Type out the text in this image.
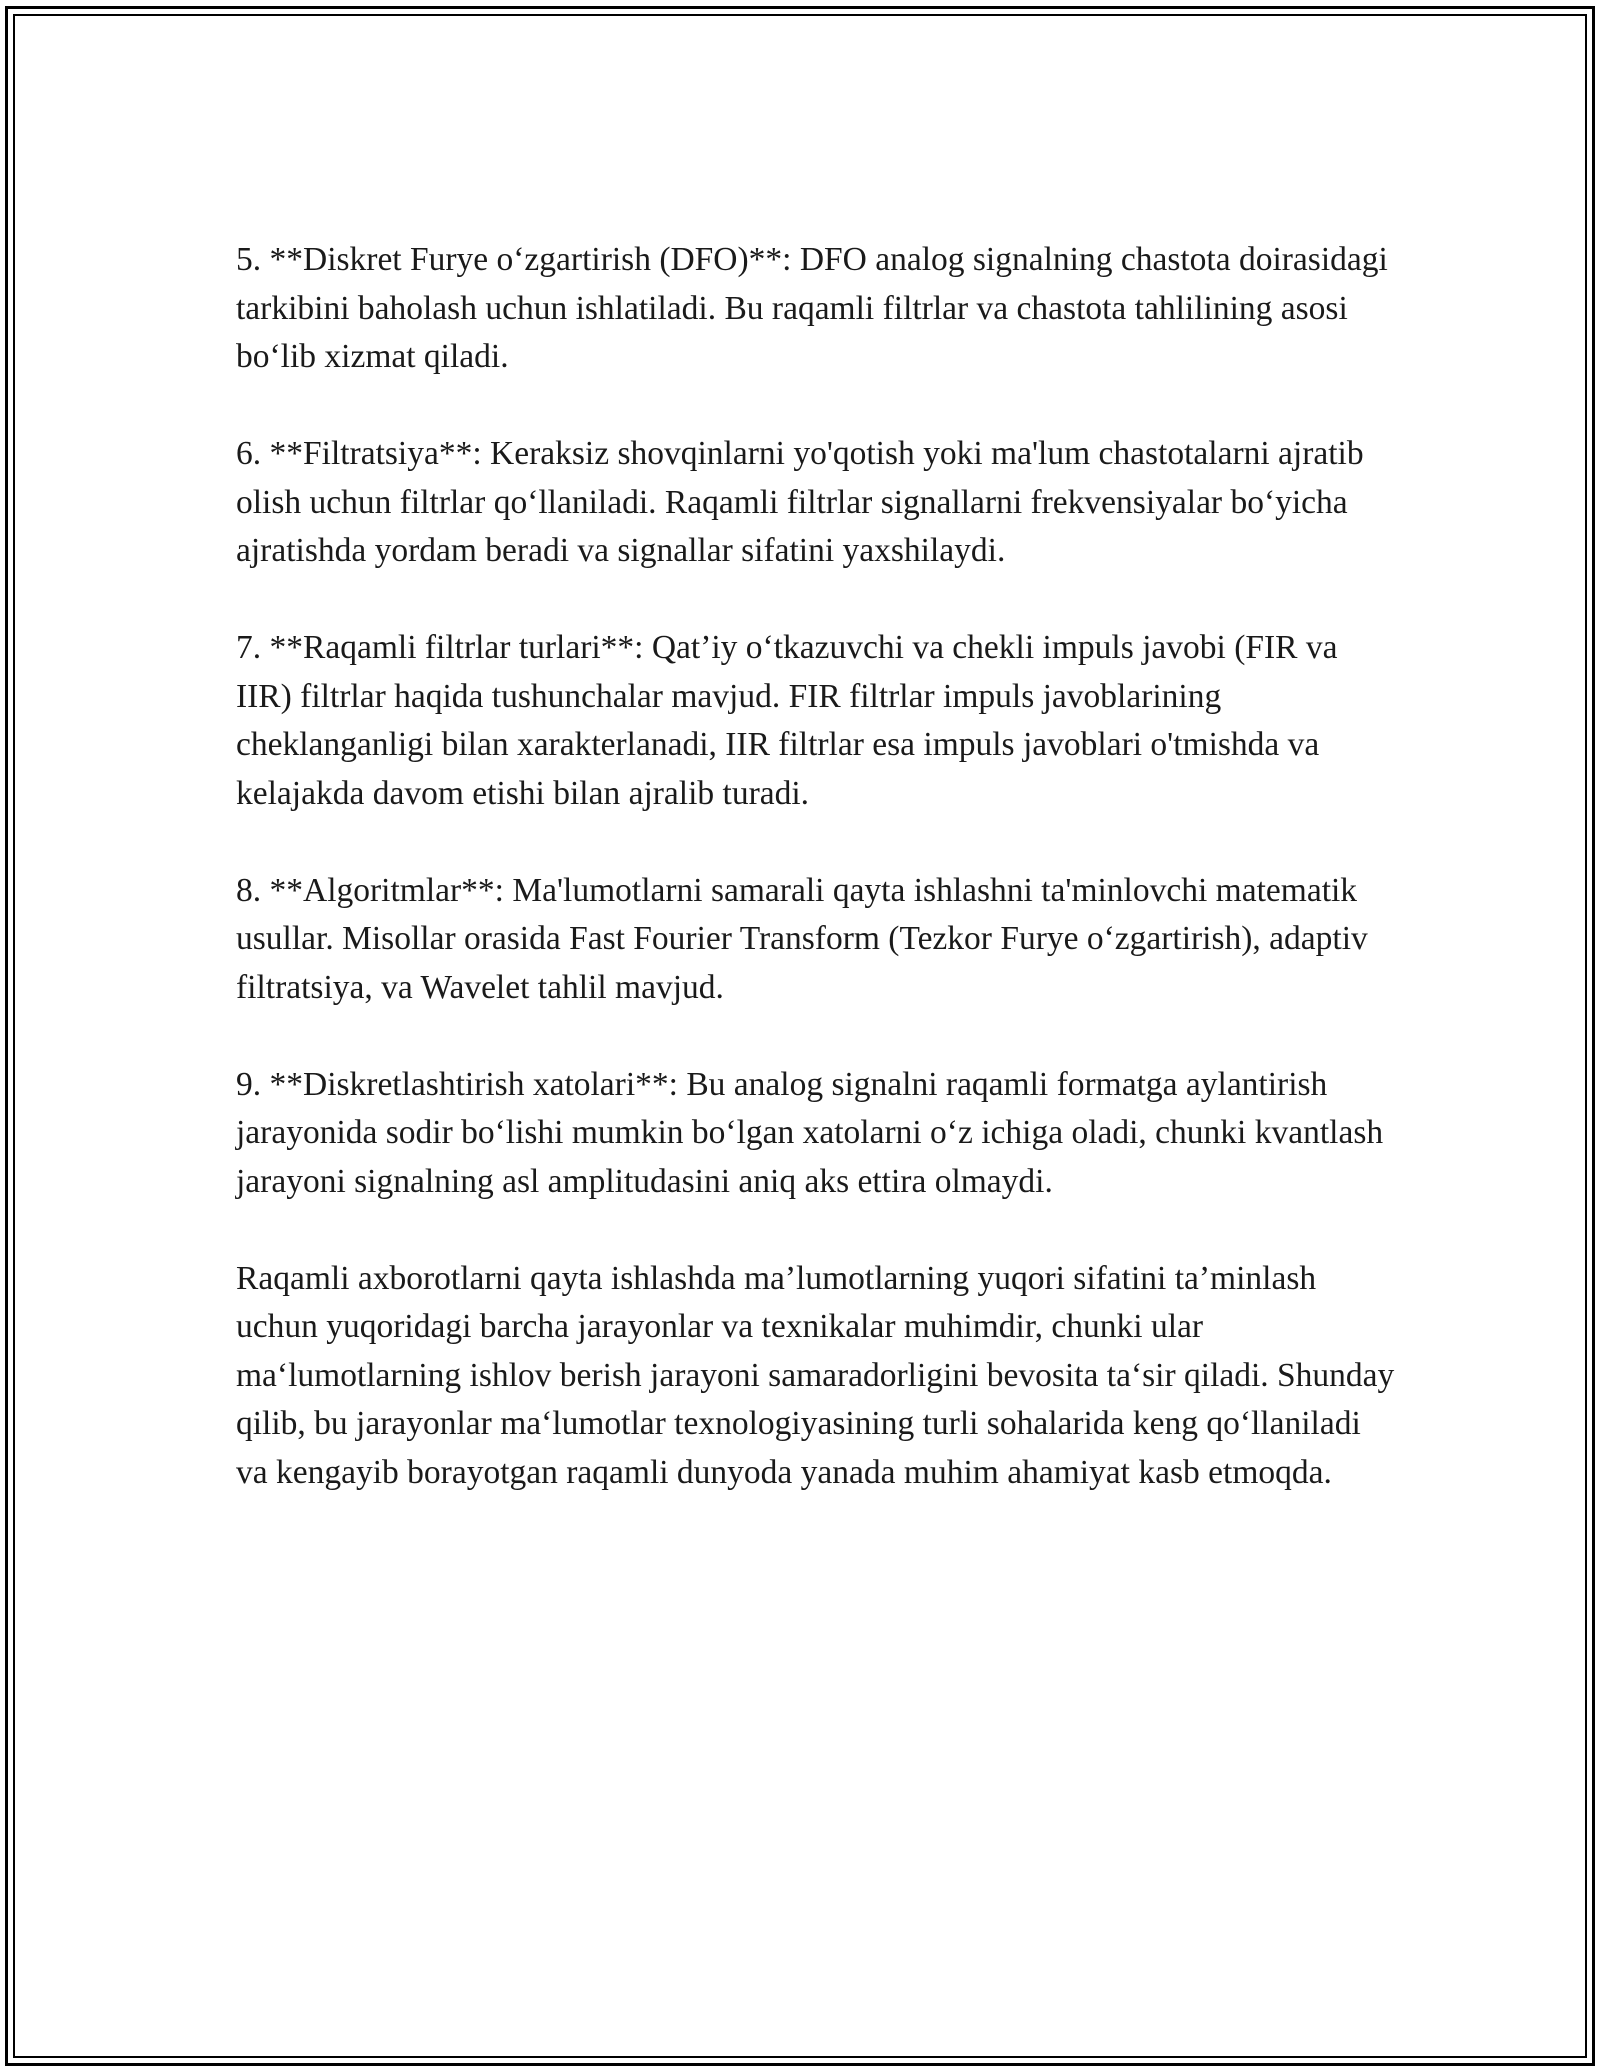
5. **Diskret Furye o‘zgartirish (DFO)**: DFO analog signalning chastota doirasidagi tarkibini baholash uchun ishlatiladi. Bu raqamli filtrlar va chastota tahlilining asosi bo‘lib xizmat qiladi.

6. **Filtratsiya**: Keraksiz shovqinlarni yo'qotish yoki ma'lum chastotalarni ajratib olish uchun filtrlar qo‘llaniladi. Raqamli filtrlar signallarni frekvensiyalar bo‘yicha ajratishda yordam beradi va signallar sifatini yaxshilaydi.

7. **Raqamli filtrlar turlari**: Qat’iy o‘tkazuvchi va chekli impuls javobi (FIR va IIR) filtrlar haqida tushunchalar mavjud. FIR filtrlar impuls javoblarining cheklanganligi bilan xarakterlanadi, IIR filtrlar esa impuls javoblari o'tmishda va kelajakda davom etishi bilan ajralib turadi.

8. **Algoritmlar**: Ma'lumotlarni samarali qayta ishlashni ta'minlovchi matematik usullar. Misollar orasida Fast Fourier Transform (Tezkor Furye o‘zgartirish), adaptiv filtratsiya, va Wavelet tahlil mavjud.

9. **Diskretlashtirish xatolari**: Bu analog signalni raqamli formatga aylantirish jarayonida sodir bo‘lishi mumkin bo‘lgan xatolarni o‘z ichiga oladi, chunki kvantlash jarayoni signalning asl amplitudasini aniq aks ettira olmaydi.

Raqamli axborotlarni qayta ishlashda ma’lumotlarning yuqori sifatini ta’minlash uchun yuqoridagi barcha jarayonlar va texnikalar muhimdir, chunki ular ma‘lumotlarning ishlov berish jarayoni samaradorligini bevosita ta‘sir qiladi. Shunday qilib, bu jarayonlar ma‘lumotlar texnologiyasining turli sohalarida keng qo‘llaniladi va kengayib borayotgan raqamli dunyoda yanada muhim ahamiyat kasb etmoqda.
